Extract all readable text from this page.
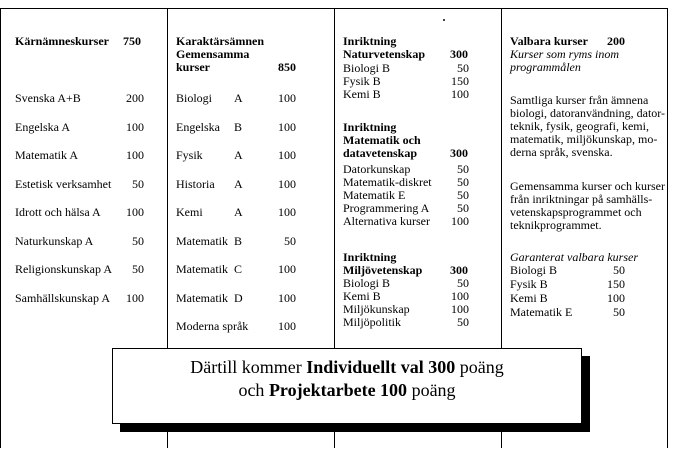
Kärnämneskurser 750
Svenska A+B	200
Engelska A	100
Matematik A	100
Estetisk verksamhet	50
Idrott och hälsa A	100
Naturkunskap A	50
Religionskunskap A	50
Samhällskunskap A	100
Karaktärsämnen
Gemensamma
kurser	850
Biologi A	100
Engelska B	100
Fysik	A	100
Historia A	100
Kemi	A	100
Matematik B	50
Matematik C	100
Matematik D	100
Moderna språk	100
Inriktning
Naturvetenskap 300
Biologi B	50
Fysik B	150
Kemi B	100
Inriktning
Matematik och
datavetenskap	300
Datorkunskap	50
Matematik-diskret	50
Matematik E	50
Programmering A	50
Alternativa kurser	100
Inriktning
Miljövetenskap 300
Biologi B	50
Kemi B	100
Miljökunskap	100
Miljöpolitik	50
Valbara kurser 200
Kurser som ryms inom
programmålen
Samtliga kurser från ämnena
biologi, datoranvändning, dator-
teknik, fysik, geografi, kemi,
matematik, miljökunskap, mo-
derna språk, svenska.
Gemensamma kurser och kurser
från inriktningar på samhälls-
vetenskapsprogrammet och
teknikprogrammet.
Garanterat valbara kurser
Biologi B	50
Fysik B	150
Kemi B	100
Matematik E	50
Därtill kommer Individuellt val 300 poäng
och Projektarbete 100 poäng
